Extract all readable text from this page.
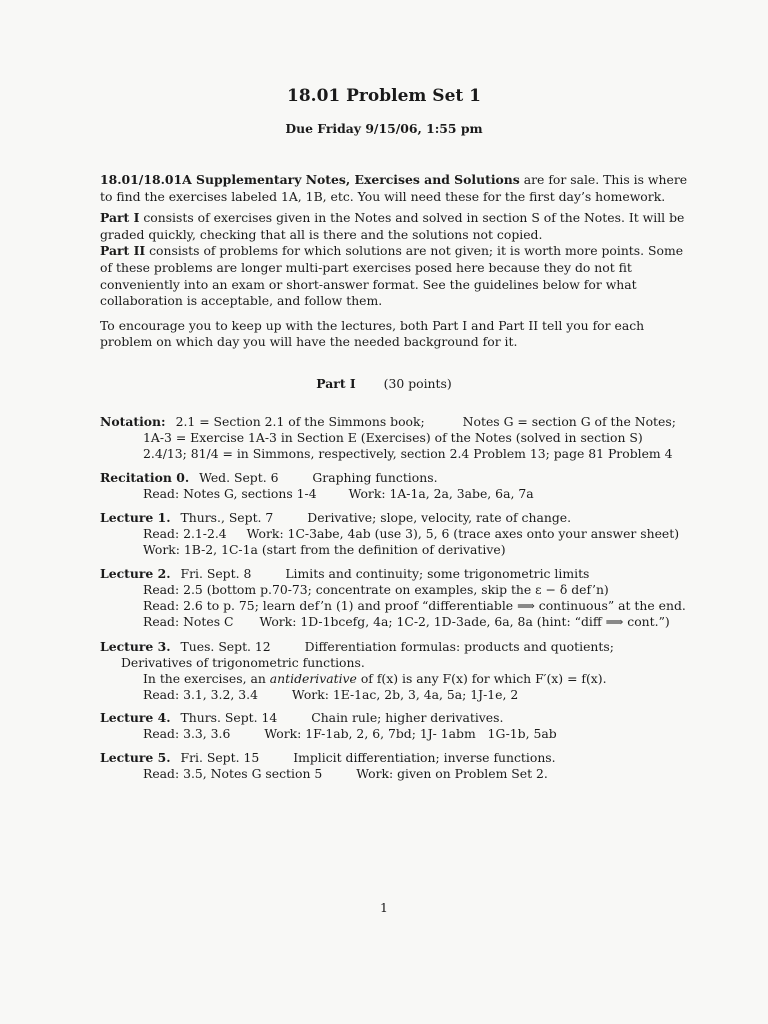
18.01 Problem Set 1
Due Friday 9/15/06, 1:55 pm

18.01/18.01A Supplementary Notes, Exercises and Solutions are for sale. This is where to find the exercises labeled 1A, 1B, etc. You will need these for the first day’s homework.

Part I consists of exercises given in the Notes and solved in section S of the Notes. It will be graded quickly, checking that all is there and the solutions not copied.

Part II consists of problems for which solutions are not given; it is worth more points. Some of these problems are longer multi-part exercises posed here because they do not fit conveniently into an exam or short-answer format. See the guidelines below for what collaboration is acceptable, and follow them.

To encourage you to keep up with the lectures, both Part I and Part II tell you for each problem on which day you will have the needed background for it.

Part I (30 points)
Notation: 2.1 = Section 2.1 of the Simmons book;	Notes G = section G of the Notes;
1A-3 = Exercise 1A-3 in Section E (Exercises) of the Notes (solved in section S)
2.4/13; 81/4 = in Simmons, respectively, section 2.4 Problem 13; page 81 Problem 4
Recitation 0. Wed. Sept. 6	Graphing functions.
Read: Notes G, sections 1-4	Work: 1A-1a, 2a, 3abe, 6a, 7a
Lecture 1. Thurs., Sept. 7	Derivative; slope, velocity, rate of change.
Read: 2.1-2.4 Work: 1C-3abe, 4ab (use 3), 5, 6 (trace axes onto your answer sheet)
Work: 1B-2, 1C-1a (start from the definition of derivative)
Lecture 2. Fri. Sept. 8	Limits and continuity; some trigonometric limits
Read: 2.5 (bottom p.70-73; concentrate on examples, skip the ε − δ def’n)
Read: 2.6 to p. 75; learn def’n (1) and proof “differentiable ⟹ continuous” at the end.
Read: Notes C Work: 1D-1bcefg, 4a; 1C-2, 1D-3ade, 6a, 8a (hint: “diff ⟹ cont.”)
Lecture 3. Tues. Sept. 12	Differentiation formulas: products and quotients;
Derivatives of trigonometric functions.
In the exercises, an antiderivative of f(x) is any F(x) for which F′(x) = f(x).
Read: 3.1, 3.2, 3.4	Work: 1E-1ac, 2b, 3, 4a, 5a; 1J-1e, 2
Lecture 4. Thurs. Sept. 14	Chain rule; higher derivatives.
Read: 3.3, 3.6	Work: 1F-1ab, 2, 6, 7bd; 1J- 1abm   1G-1b, 5ab
Lecture 5. Fri. Sept. 15	Implicit differentiation; inverse functions.
Read: 3.5, Notes G section 5	Work: given on Problem Set 2.
1
